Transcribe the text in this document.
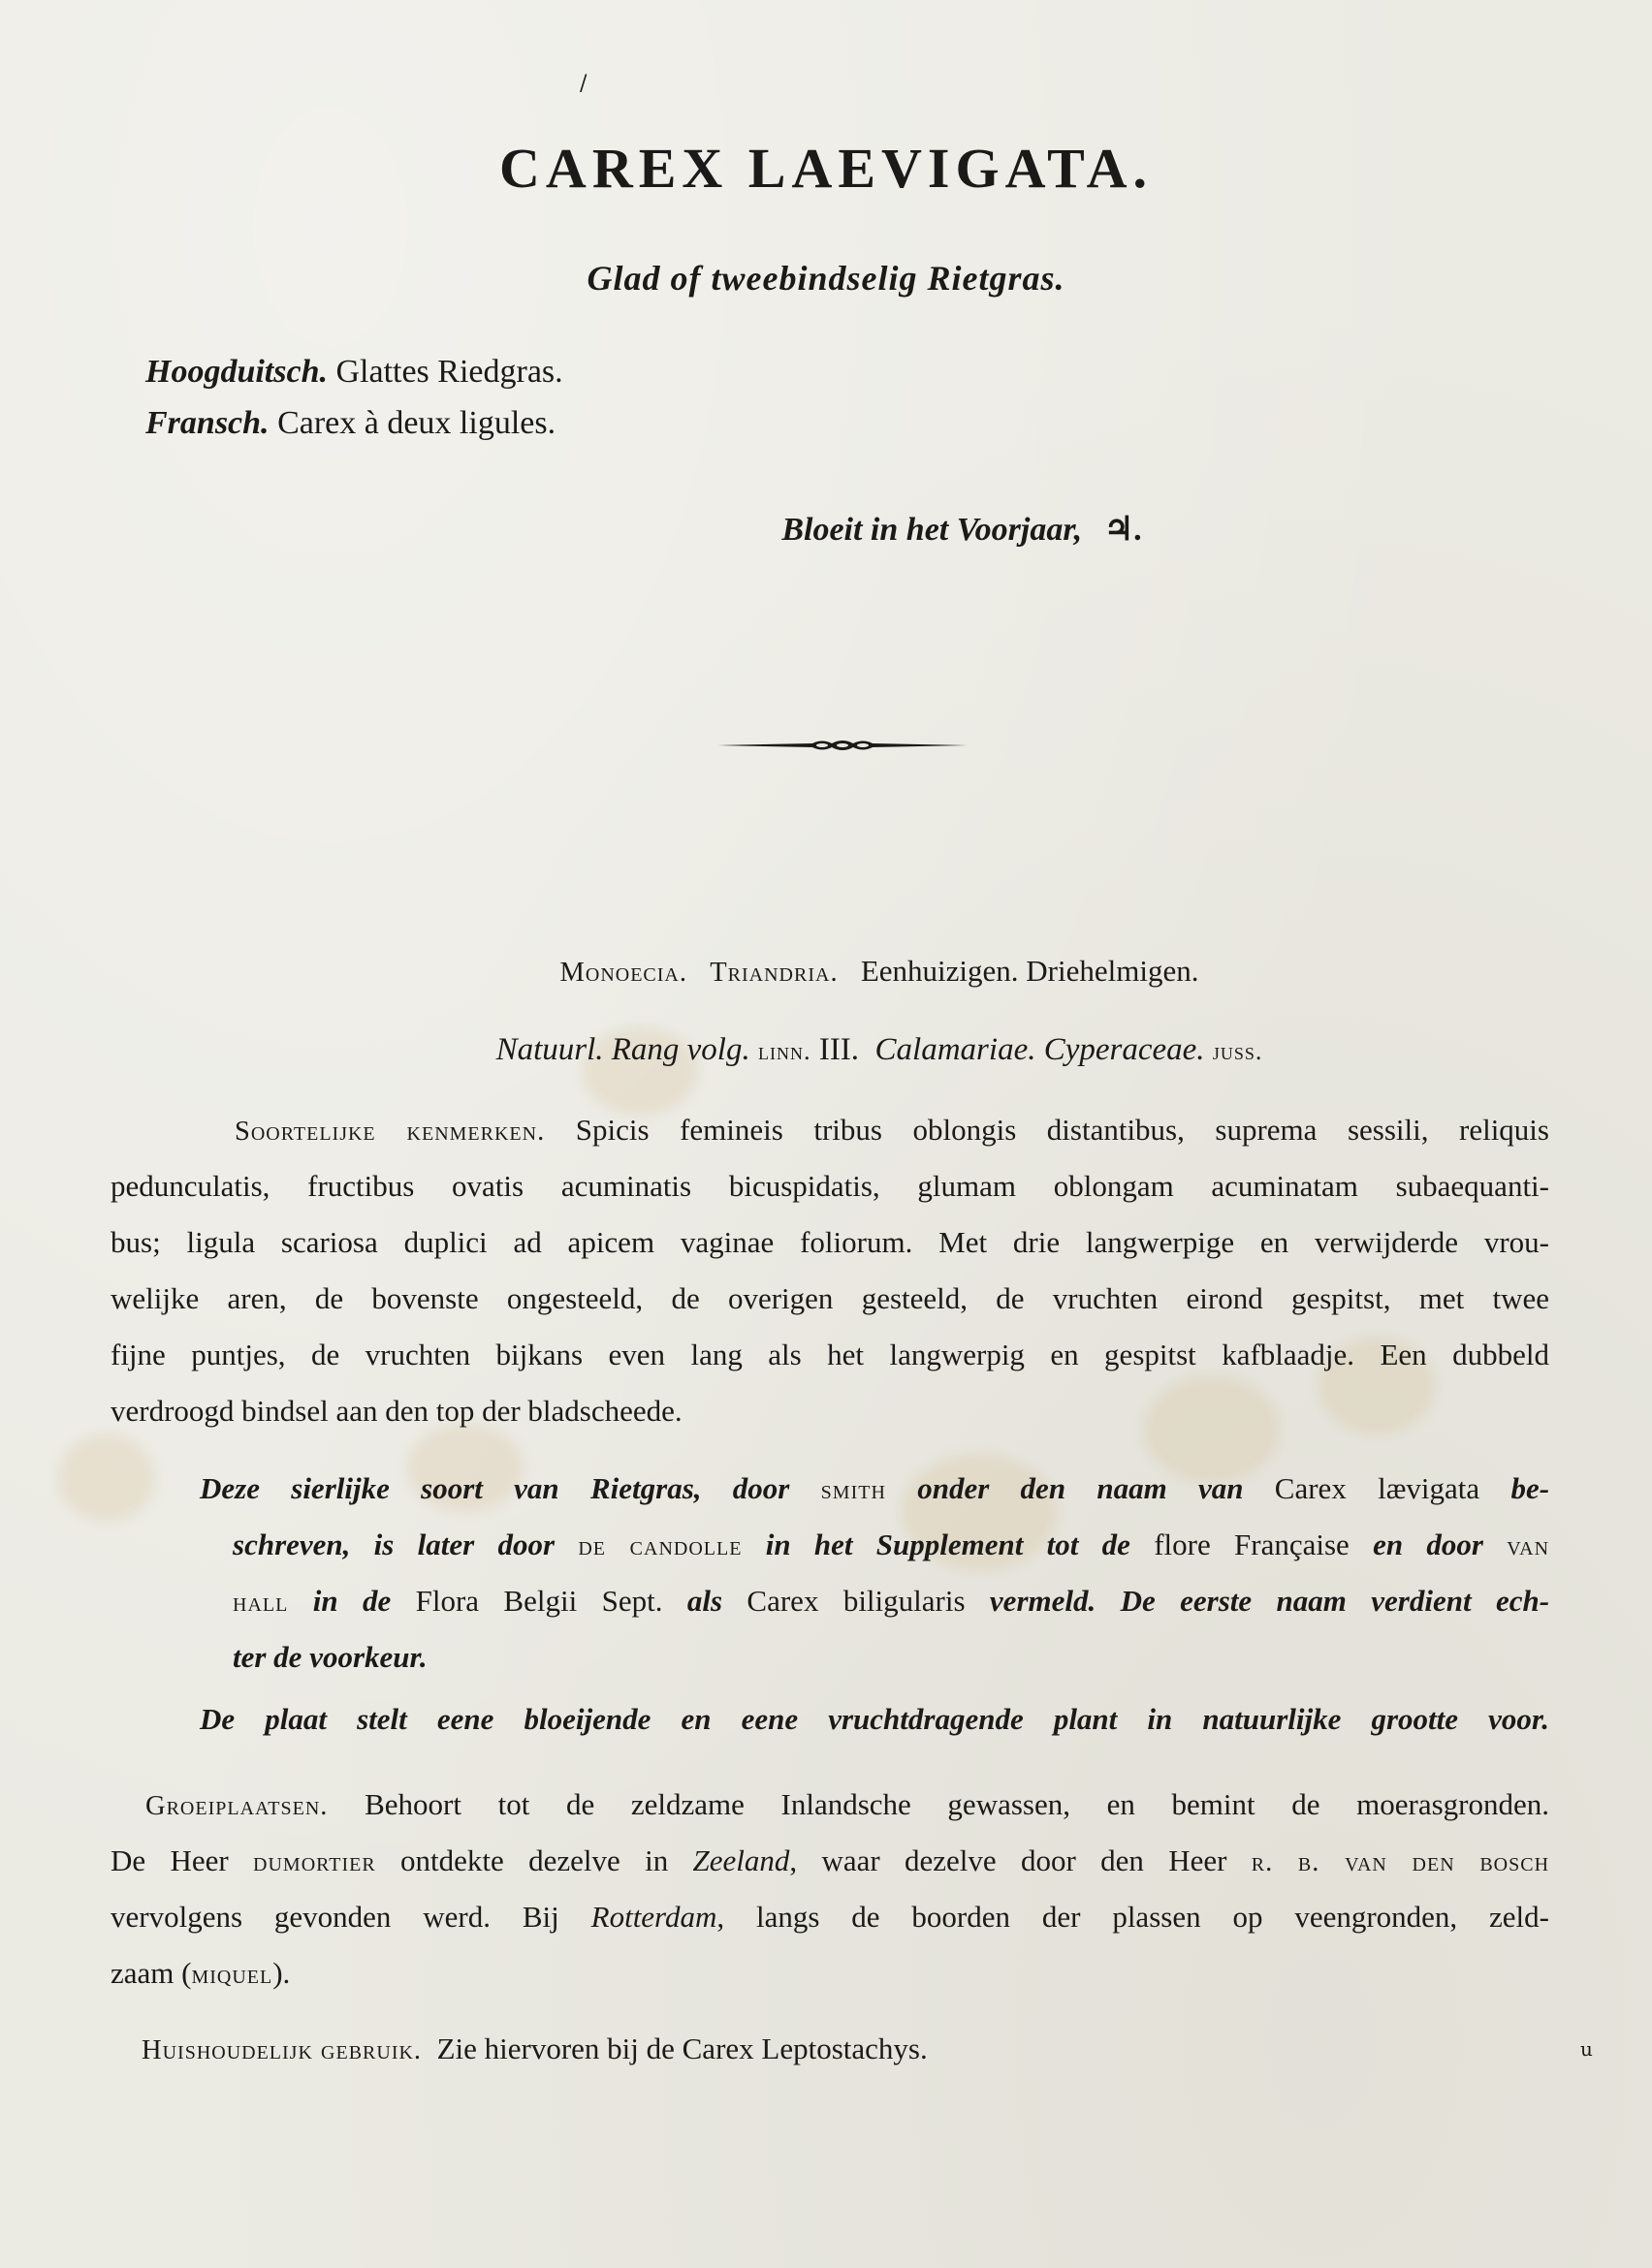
/
CAREX LAEVIGATA.
Glad of tweebindselig Rietgras.
Hoogduitsch. Glattes Riedgras.
Fransch. Carex à deux ligules.
Bloeit in het Voorjaar, ♃.
Monoecia. Triandria. Eenhuizigen. Driehelmigen.
Natuurl. Rang volg. linn. III. Calamariae. Cyperaceae. juss.
Soortelijke kenmerken. Spicis femineis tribus oblongis distantibus, suprema sessili, reliquis
pedunculatis, fructibus ovatis acuminatis bicuspidatis, glumam oblongam acuminatam subaequanti-
bus; ligula scariosa duplici ad apicem vaginae foliorum. Met drie langwerpige en verwijderde vrou-
welijke aren, de bovenste ongesteeld, de overigen gesteeld, de vruchten eirond gespitst, met twee
fijne puntjes, de vruchten bijkans even lang als het langwerpig en gespitst kafblaadje. Een dubbeld
verdroogd bindsel aan den top der bladscheede.
Deze sierlijke soort van Rietgras, door smith onder den naam van Carex lævigata be-
schreven, is later door de candolle in het Supplement tot de flore Française en door van
hall in de Flora Belgii Sept. als Carex biligularis vermeld. De eerste naam verdient ech-
ter de voorkeur.
De plaat stelt eene bloeijende en eene vruchtdragende plant in natuurlijke grootte voor.
Groeiplaatsen. Behoort tot de zeldzame Inlandsche gewassen, en bemint de moerasgronden.
De Heer dumortier ontdekte dezelve in Zeeland, waar dezelve door den Heer r. b. van den bosch
vervolgens gevonden werd. Bij Rotterdam, langs de boorden der plassen op veengronden, zeld-
zaam (miquel).
Huishoudelijk gebruik. Zie hiervoren bij de Carex Leptostachys.	u
